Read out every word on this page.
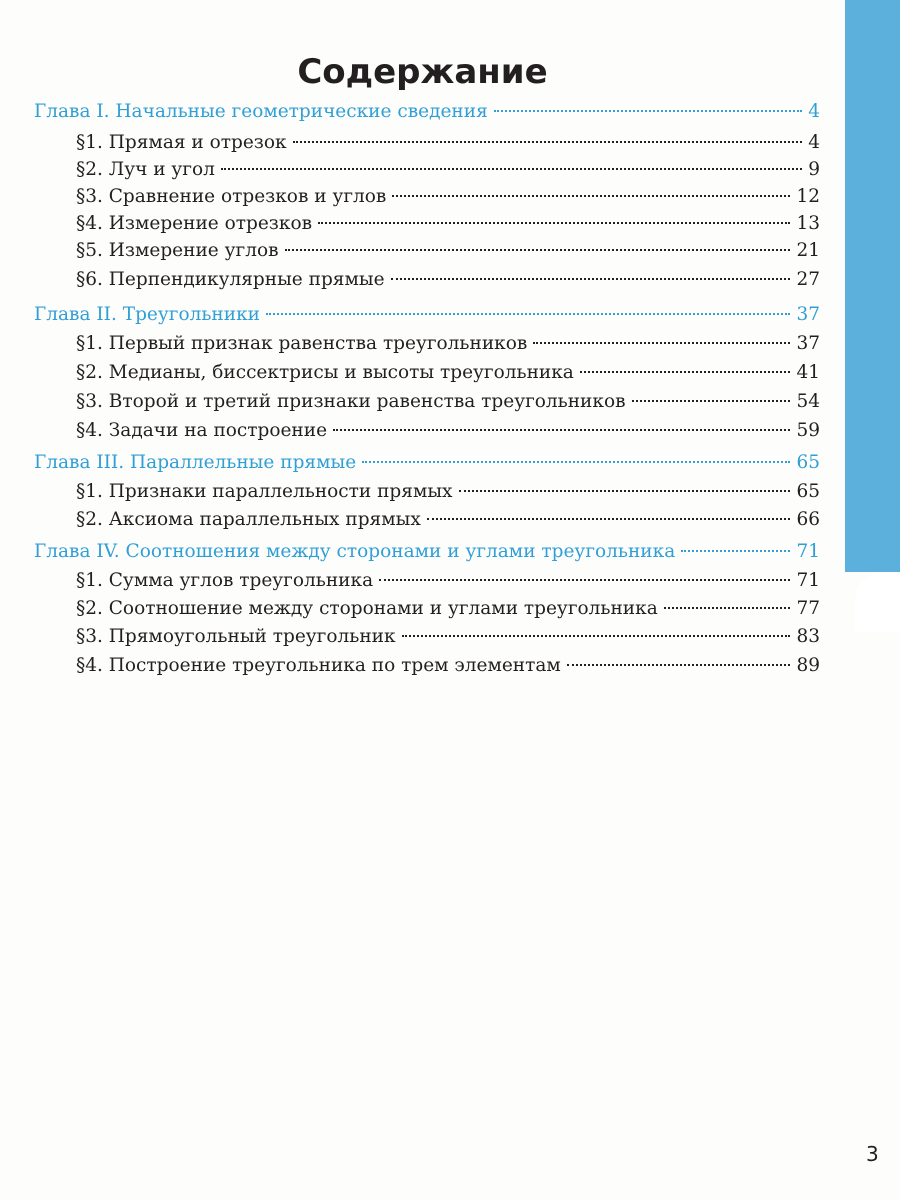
Содержание
Глава I. Начальные геометрические сведения	4
§1. Прямая и отрезок	4
§2. Луч и угол	9
§3. Сравнение отрезков и углов	12
§4. Измерение отрезков	13
§5. Измерение углов	21
§6. Перпендикулярные прямые	27
Глава II. Треугольники	37
§1. Первый признак равенства треугольников	37
§2. Медианы, биссектрисы и высоты треугольника	41
§3. Второй и третий признаки равенства треугольников	54
§4. Задачи на построение	59
Глава III. Параллельные прямые	65
§1. Признаки параллельности прямых	65
§2. Аксиома параллельных прямых	66
Глава IV. Соотношения между сторонами и углами треугольника	71
§1. Сумма углов треугольника	71
§2. Соотношение между сторонами и углами треугольника	77
§3. Прямоугольный треугольник	83
§4. Построение треугольника по трем элементам	89
3
